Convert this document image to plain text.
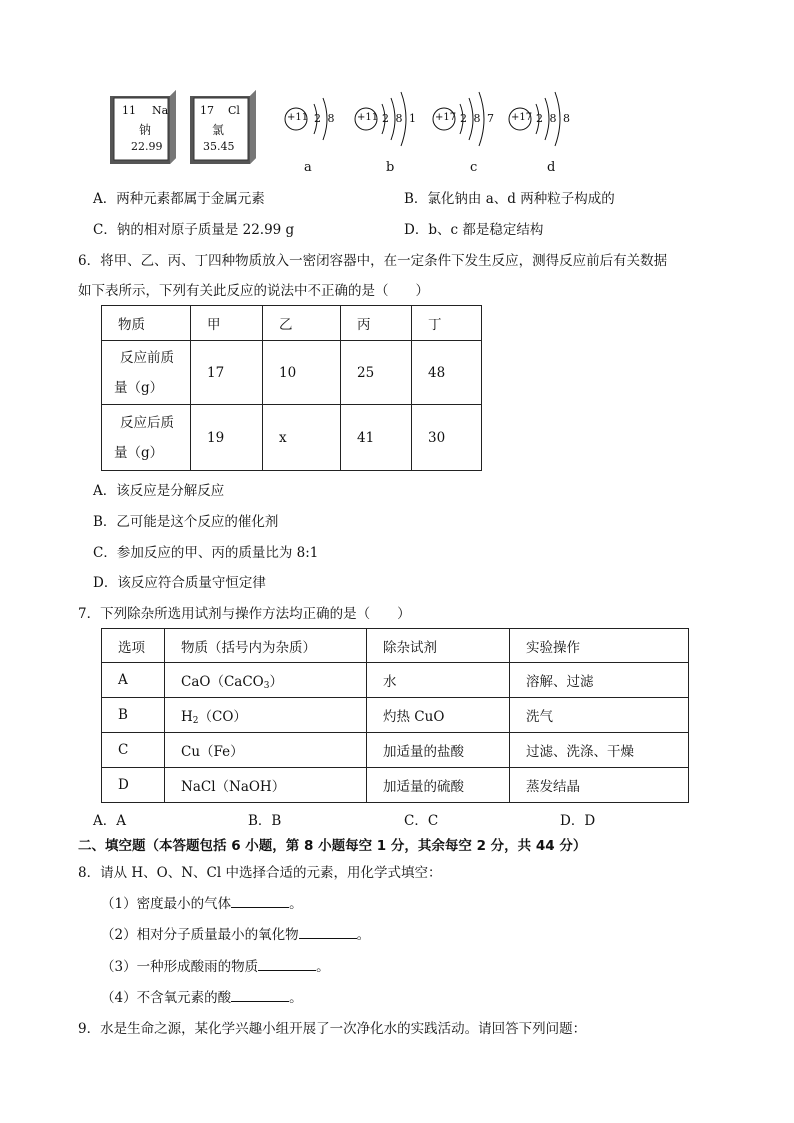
11 Na
钠
22.99
17 Cl
氯
35.45
+11 2 8
a
+11 2 8 1
b
+17 2 8 7
c
+17 2 8 8
d
A．两种元素都属于金属元素	B．氯化钠由 a、d 两种粒子构成的
C．钠的相对原子质量是 22.99 g	D．b、c 都是稳定结构
6．将甲、乙、丙、丁四种物质放入一密闭容器中，在一定条件下发生反应，测得反应前后有关数据
如下表所示，下列有关此反应的说法中不正确的是（　　）
物质	甲	乙	丙	丁

反应前质
量（g）	17	10	25	48

反应后质
量（g）	19	x	41	30
A．该反应是分解反应
B．乙可能是这个反应的催化剂
C．参加反应的甲、丙的质量比为 8:1
D．该反应符合质量守恒定律
7．下列除杂所选用试剂与操作方法均正确的是（　　）
选项	物质（括号内为杂质）	除杂试剂	实验操作
A	CaO（CaCO$_3$）	水	溶解、过滤
B	$H_2(CO)$	灼热 CuO	洗气
C	Cu（Fe）	加适量的盐酸	过滤、洗涤、干燥
D	NaCl（NaOH）	加适量的硫酸	蒸发结晶
A．A	B．B	C．C	D．D
二、填空题（本答题包括 6 小题，第 8 小题每空 1 分，其余每空 2 分，共 44 分）
8．请从 H、O、N、Cl 中选择合适的元素，用化学式填空：
（1）密度最小的气体	。
（2）相对分子质量最小的氧化物	。
（3）一种形成酸雨的物质	。
（4）不含氧元素的酸	。
9．水是生命之源，某化学兴趣小组开展了一次净化水的实践活动。请回答下列问题：
